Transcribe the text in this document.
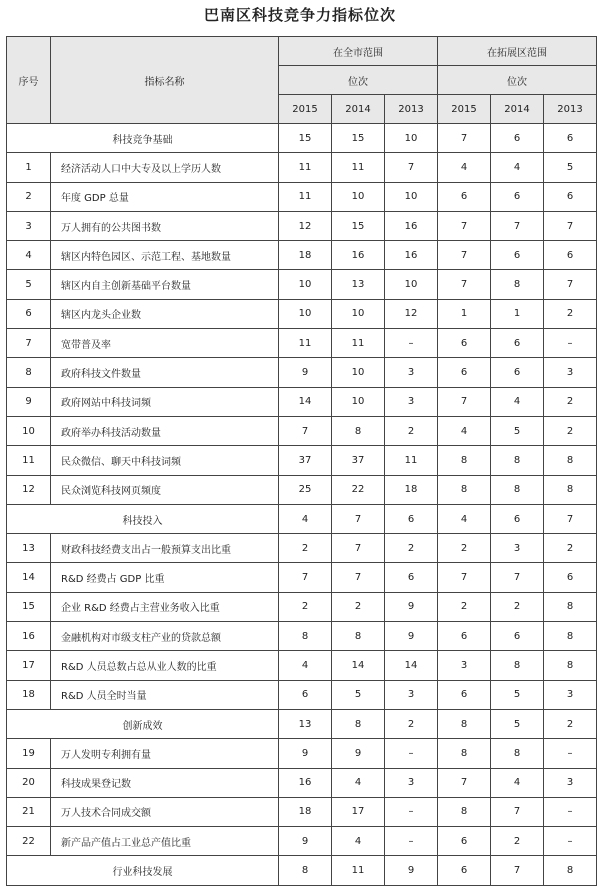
巴南区科技竞争力指标位次
序号	指标名称	在全市范围			在拓展区范围		
		位次			位次		
		2015	2014	2013	2015	2014	2013
科技竞争基础		15	15	10	7	6	6
1	经济活动人口中大专及以上学历人数	11	11	7	4	4	5
2	年度 GDP 总量	11	10	10	6	6	6
3	万人拥有的公共图书数	12	15	16	7	7	7
4	辖区内特色园区、示范工程、基地数量	18	16	16	7	6	6
5	辖区内自主创新基础平台数量	10	13	10	7	8	7
6	辖区内龙头企业数	10	10	12	1	1	2
7	宽带普及率	11	11	–	6	6	–
8	政府科技文件数量	9	10	3	6	6	3
9	政府网站中科技词频	14	10	3	7	4	2
10	政府举办科技活动数量	7	8	2	4	5	2
11	民众微信、聊天中科技词频	37	37	11	8	8	8
12	民众浏览科技网页频度	25	22	18	8	8	8
科技投入		4	7	6	4	6	7
13	财政科技经费支出占一般预算支出比重	2	7	2	2	3	2
14	R&D 经费占 GDP 比重	7	7	6	7	7	6
15	企业 R&D 经费占主营业务收入比重	2	2	9	2	2	8
16	金融机构对市级支柱产业的贷款总额	8	8	9	6	6	8
17	R&D 人员总数占总从业人数的比重	4	14	14	3	8	8
18	R&D 人员全时当量	6	5	3	6	5	3
创新成效		13	8	2	8	5	2
19	万人发明专利拥有量	9	9	–	8	8	–
20	科技成果登记数	16	4	3	7	4	3
21	万人技术合同成交额	18	17	–	8	7	–
22	新产品产值占工业总产值比重	9	4	–	6	2	–
行业科技发展		8	11	9	6	7	8
